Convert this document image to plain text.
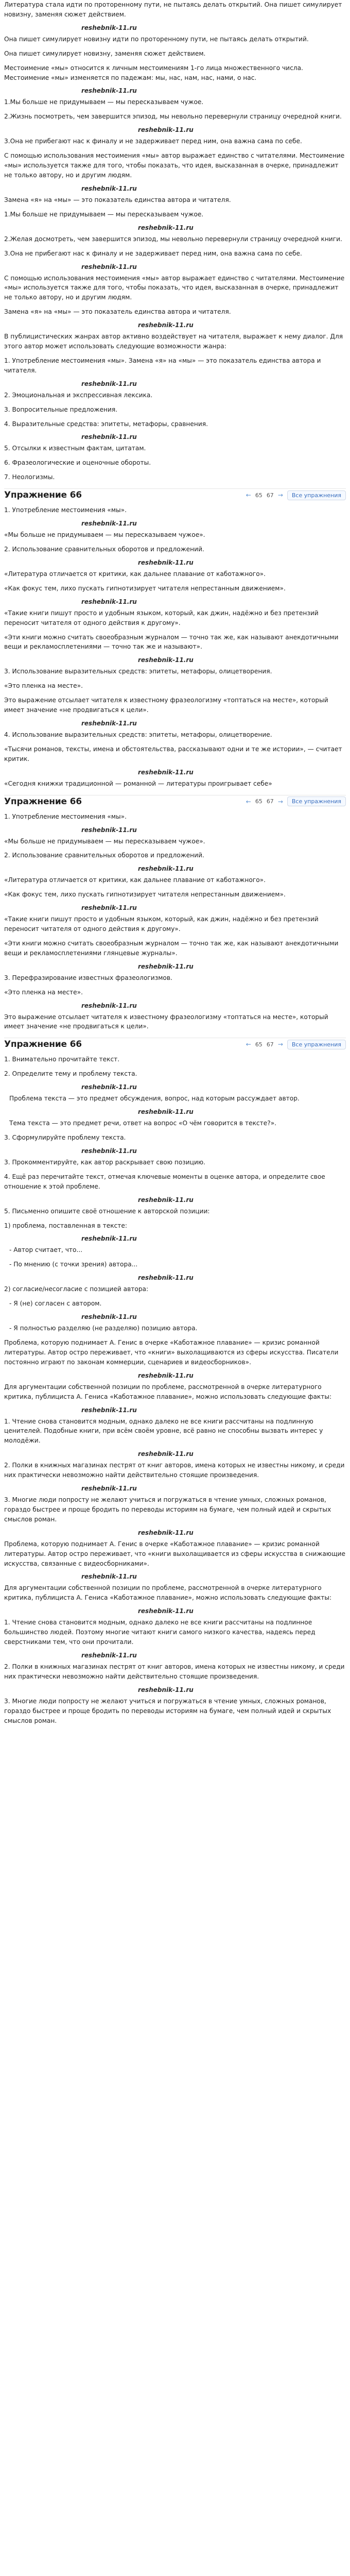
Литература стала идти по проторенному пути, не пытаясь делать открытий. Она пишет симулирует новизну, заменяя сюжет действием.

reshebnik-11.ru

Она пишет симулирует новизну идти по проторенному пути, не пытаясь делать открытий.

Она пишет симулирует новизну, заменяя сюжет действием.

Местоимение «мы» относится к личным местоимениям 1-го лица множественного числа. Местоимение «мы» изменяется по падежам: мы, нас, нам, нас, нами, о нас.

reshebnik-11.ru

1.Мы больше не придумываем — мы пересказываем чужое.

2.Жизнь посмотреть, чем завершится эпизод, мы невольно перевернули страницу очередной книги.

reshebnik-11.ru

3.Она не прибегают нас к финалу и не задерживает перед ним, она важна сама по себе.

С помощью использования местоимения «мы» автор выражает единство с читателями. Местоимение «мы» используется также для того, чтобы показать, что идея, высказанная в очерке, принадлежит не только автору, но и другим людям.

reshebnik-11.ru

Замена «я» на «мы» — это показатель единства автора и читателя.

1.Мы больше не придумываем — мы пересказываем чужое.

reshebnik-11.ru

2.Желая досмотреть, чем завершится эпизод, мы невольно перевернули страницу очередной книги.

3.Она не прибегают нас к финалу и не задерживает перед ним, она важна сама по себе.

reshebnik-11.ru

С помощью использования местоимения «мы» автор выражает единство с читателями. Местоимение «мы» используется также для того, чтобы показать, что идея, высказанная в очерке, принадлежит не только автору, но и другим людям.

Замена «я» на «мы» — это показатель единства автора и читателя.

reshebnik-11.ru

В публицистических жанрах автор активно воздействует на читателя, выражает к нему диалог. Для этого автор может использовать следующие возможности жанра:

1. Употребление местоимения «мы». Замена «я» на «мы» — это показатель единства автора и читателя.

reshebnik-11.ru

2. Эмоциональная и экспрессивная лексика.

3. Вопросительные предложения.

4. Выразительные средства: эпитеты, метафоры, сравнения.

reshebnik-11.ru

5. Отсылки к известным фактам, цитатам.

6. Фразеологические и оценочные обороты.

7. Неологизмы.

Упражнение 66	← 65 67 →	Все упражнения

1. Употребление местоимения «мы».

reshebnik-11.ru

«Мы больше не придумываем — мы пересказываем чужое».

2. Использование сравнительных оборотов и предложений.

reshebnik-11.ru

«Литература отличается от критики, как дальнее плавание от каботажного».

«Как фокус тем, лихо пускать гипнотизирует читателя непрестанным движением».

reshebnik-11.ru

«Такие книги пишут просто и удобным языком, который, как джин, надёжно и без претензий переносит читателя от одного действия к другому».

«Эти книги можно считать своеобразным журналом — точно так же, как называют анекдотичными вещи и рекламосплетениями — точно так же и называют».

reshebnik-11.ru

3. Использование выразительных средств: эпитеты, метафоры, олицетворения.

«Это пленка на месте».

Это выражение отсылает читателя к известному фразеологизму «топтаться на месте», который имеет значение «не продвигаться к цели».

reshebnik-11.ru

4. Использование выразительных средств: эпитеты, метафоры, олицетворение.

«Тысячи романов, тексты, имена и обстоятельства, рассказывают одни и те же истории», — считает критик.

reshebnik-11.ru

«Сегодня книжки традиционной — романной — литературы проигрывает себе»

Упражнение 66	← 65 67 →	Все упражнения

1. Употребление местоимения «мы».

reshebnik-11.ru

«Мы больше не придумываем — мы пересказываем чужое».

2. Использование сравнительных оборотов и предложений.

reshebnik-11.ru

«Литература отличается от критики, как дальнее плавание от каботажного».

«Как фокус тем, лихо пускать гипнотизирует читателя непрестанным движением».

reshebnik-11.ru

«Такие книги пишут просто и удобным языком, который, как джин, надёжно и без претензий переносит читателя от одного действия к другому».

«Эти книги можно считать своеобразным журналом — точно так же, как называют анекдотичными вещи и рекламосплетениями глянцевые журналы».

reshebnik-11.ru

3. Перефразирование известных фразеологизмов.

«Это пленка на месте».

reshebnik-11.ru

Это выражение отсылает читателя к известному фразеологизму «топтаться на месте», который имеет значение «не продвигаться к цели».

Упражнение 66	← 65 67 →	Все упражнения

1. Внимательно прочитайте текст.

2. Определите тему и проблему текста.

reshebnik-11.ru

Проблема текста — это предмет обсуждения, вопрос, над которым рассуждает автор.

reshebnik-11.ru

Тема текста — это предмет речи, ответ на вопрос «О чём говорится в тексте?».

3. Сформулируйте проблему текста.

reshebnik-11.ru

3. Прокомментируйте, как автор раскрывает свою позицию.

4. Ещё раз перечитайте текст, отмечая ключевые моменты в оценке автора, и определите свое отношение к этой проблеме.

reshebnik-11.ru

5. Письменно опишите своё отношение к авторской позиции:

1) проблема, поставленная в тексте:

reshebnik-11.ru

- Автор считает, что...

- По мнению (с точки зрения) автора...

reshebnik-11.ru

2) согласие/несогласие с позицией автора:

- Я (не) согласен с автором.

reshebnik-11.ru

- Я полностью разделяю (не разделяю) позицию автора.

Проблема, которую поднимает А. Генис в очерке «Каботажное плавание» — кризис романной литературы. Автор остро переживает, что «книги» выхолащиваются из сферы искусства. Писатели постоянно играют по законам коммерции, сценариев и видеосборников».

reshebnik-11.ru

Для аргументации собственной позиции по проблеме, рассмотренной в очерке литературного критика, публициста А. Гениса «Каботажное плавание», можно использовать следующие факты:

reshebnik-11.ru

1. Чтение снова становится модным, однако далеко не все книги рассчитаны на подлинную ценителей. Подобные книги, при всём своём уровне, всё равно не способны вызвать интерес у молодёжи.

reshebnik-11.ru

2. Полки в книжных магазинах пестрят от книг авторов, имена которых не известны никому, и среди них практически невозможно найти действительно стоящие произведения.

reshebnik-11.ru

3. Многие люди попросту не желают учиться и погружаться в чтение умных, сложных романов, гораздо быстрее и проще бродить по переводы историям на бумаге, чем полный идей и скрытых смыслов роман.

reshebnik-11.ru

Проблема, которую поднимает А. Генис в очерке «Каботажное плавание» — кризис романной литературы. Автор остро переживает, что «книги выхолащивается из сферы искусства в снижающие искусства, связанные с видеосборниками».

reshebnik-11.ru

Для аргументации собственной позиции по проблеме, рассмотренной в очерке литературного критика, публициста А. Гениса «Каботажное плавание», можно использовать следующие факты:

reshebnik-11.ru

1. Чтение снова становится модным, однако далеко не все книги рассчитаны на подлинное большинство людей. Поэтому многие читают книги самого низкого качества, надеясь перед сверстниками тем, что они прочитали.

reshebnik-11.ru

2. Полки в книжных магазинах пестрят от книг авторов, имена которых не известны никому, и среди них практически невозможно найти действительно стоящие произведения.

reshebnik-11.ru

3. Многие люди попросту не желают учиться и погружаться в чтение умных, сложных романов, гораздо быстрее и проще бродить по переводы историям на бумаге, чем полный идей и скрытых смыслов роман.
